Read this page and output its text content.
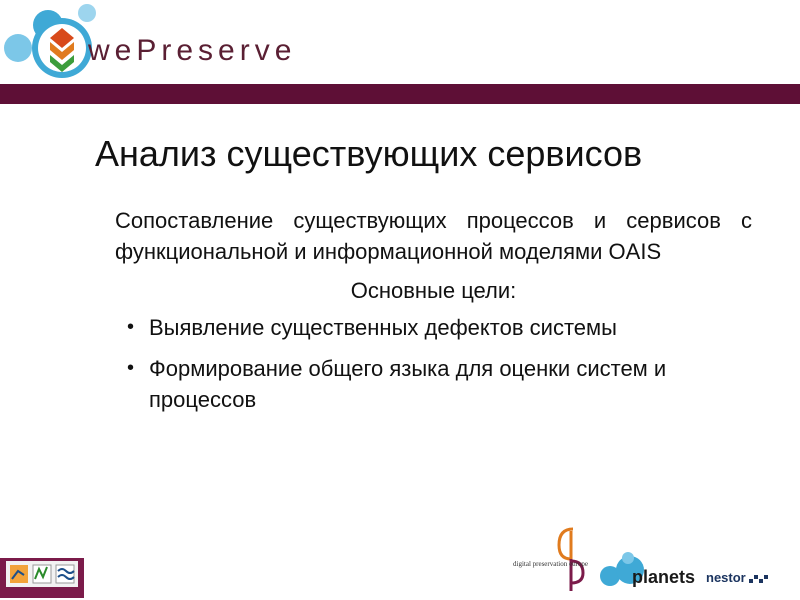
wePreserve
Анализ существующих сервисов

Сопоставление существующих процессов и сервисов с функциональной и информационной моделями OAIS

Основные цели:
• Выявление существенных дефектов системы
• Формирование общего языка для оценки систем и процессов
digital preservation europe
planets nestor
